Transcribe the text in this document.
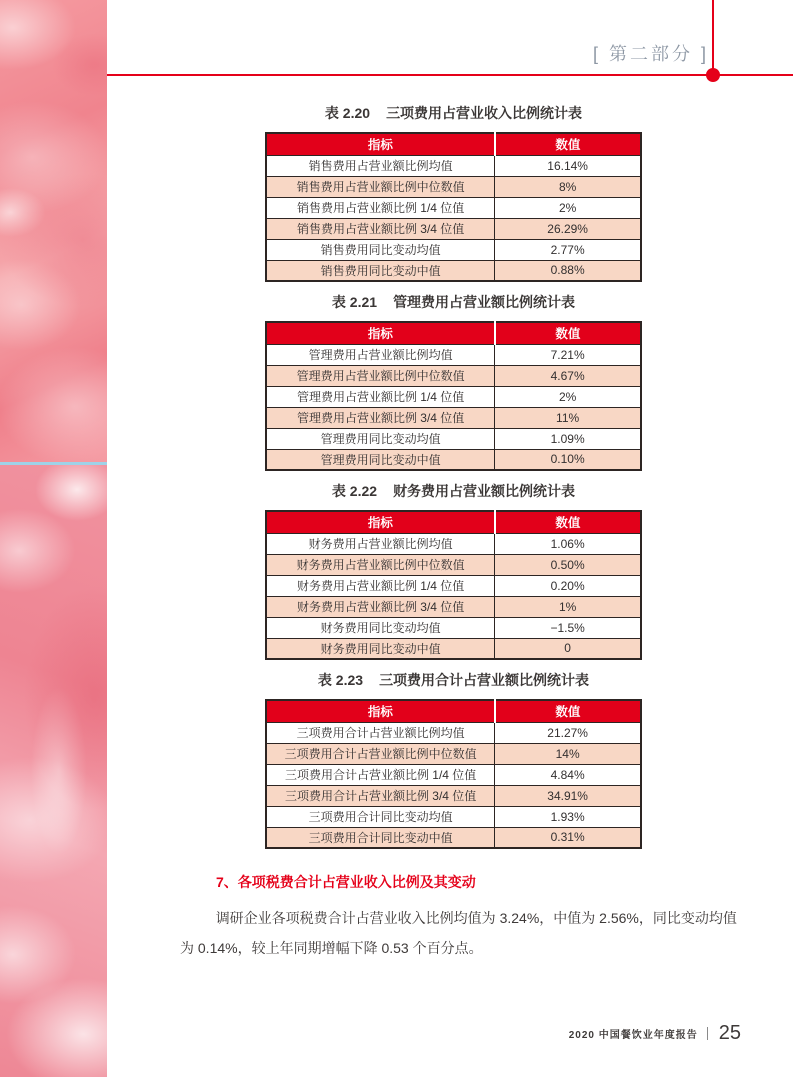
[ 第二部分 ]
表 2.20 三项费用占营业收入比例统计表
指标	数值
销售费用占营业额比例均值	16.14%
销售费用占营业额比例中位数值	8%
销售费用占营业额比例 1/4 位值	2%
销售费用占营业额比例 3/4 位值	26.29%
销售费用同比变动均值	2.77%
销售费用同比变动中值	0.88%
表 2.21 管理费用占营业额比例统计表
指标	数值
管理费用占营业额比例均值	7.21%
管理费用占营业额比例中位数值	4.67%
管理费用占营业额比例 1/4 位值	2%
管理费用占营业额比例 3/4 位值	11%
管理费用同比变动均值	1.09%
管理费用同比变动中值	0.10%
表 2.22 财务费用占营业额比例统计表
指标	数值
财务费用占营业额比例均值	1.06%
财务费用占营业额比例中位数值	0.50%
财务费用占营业额比例 1/4 位值	0.20%
财务费用占营业额比例 3/4 位值	1%
财务费用同比变动均值	−1.5%
财务费用同比变动中值	0
表 2.23 三项费用合计占营业额比例统计表
指标	数值
三项费用合计占营业额比例均值	21.27%
三项费用合计占营业额比例中位数值	14%
三项费用合计占营业额比例 1/4 位值	4.84%
三项费用合计占营业额比例 3/4 位值	34.91%
三项费用合计同比变动均值	1.93%
三项费用合计同比变动中值	0.31%
7、各项税费合计占营业收入比例及其变动

调研企业各项税费合计占营业收入比例均值为 3.24%，中值为 2.56%，同比变动均值为 0.14%，较上年同期增幅下降 0.53 个百分点。

2020 中国餐饮业年度报告 25
